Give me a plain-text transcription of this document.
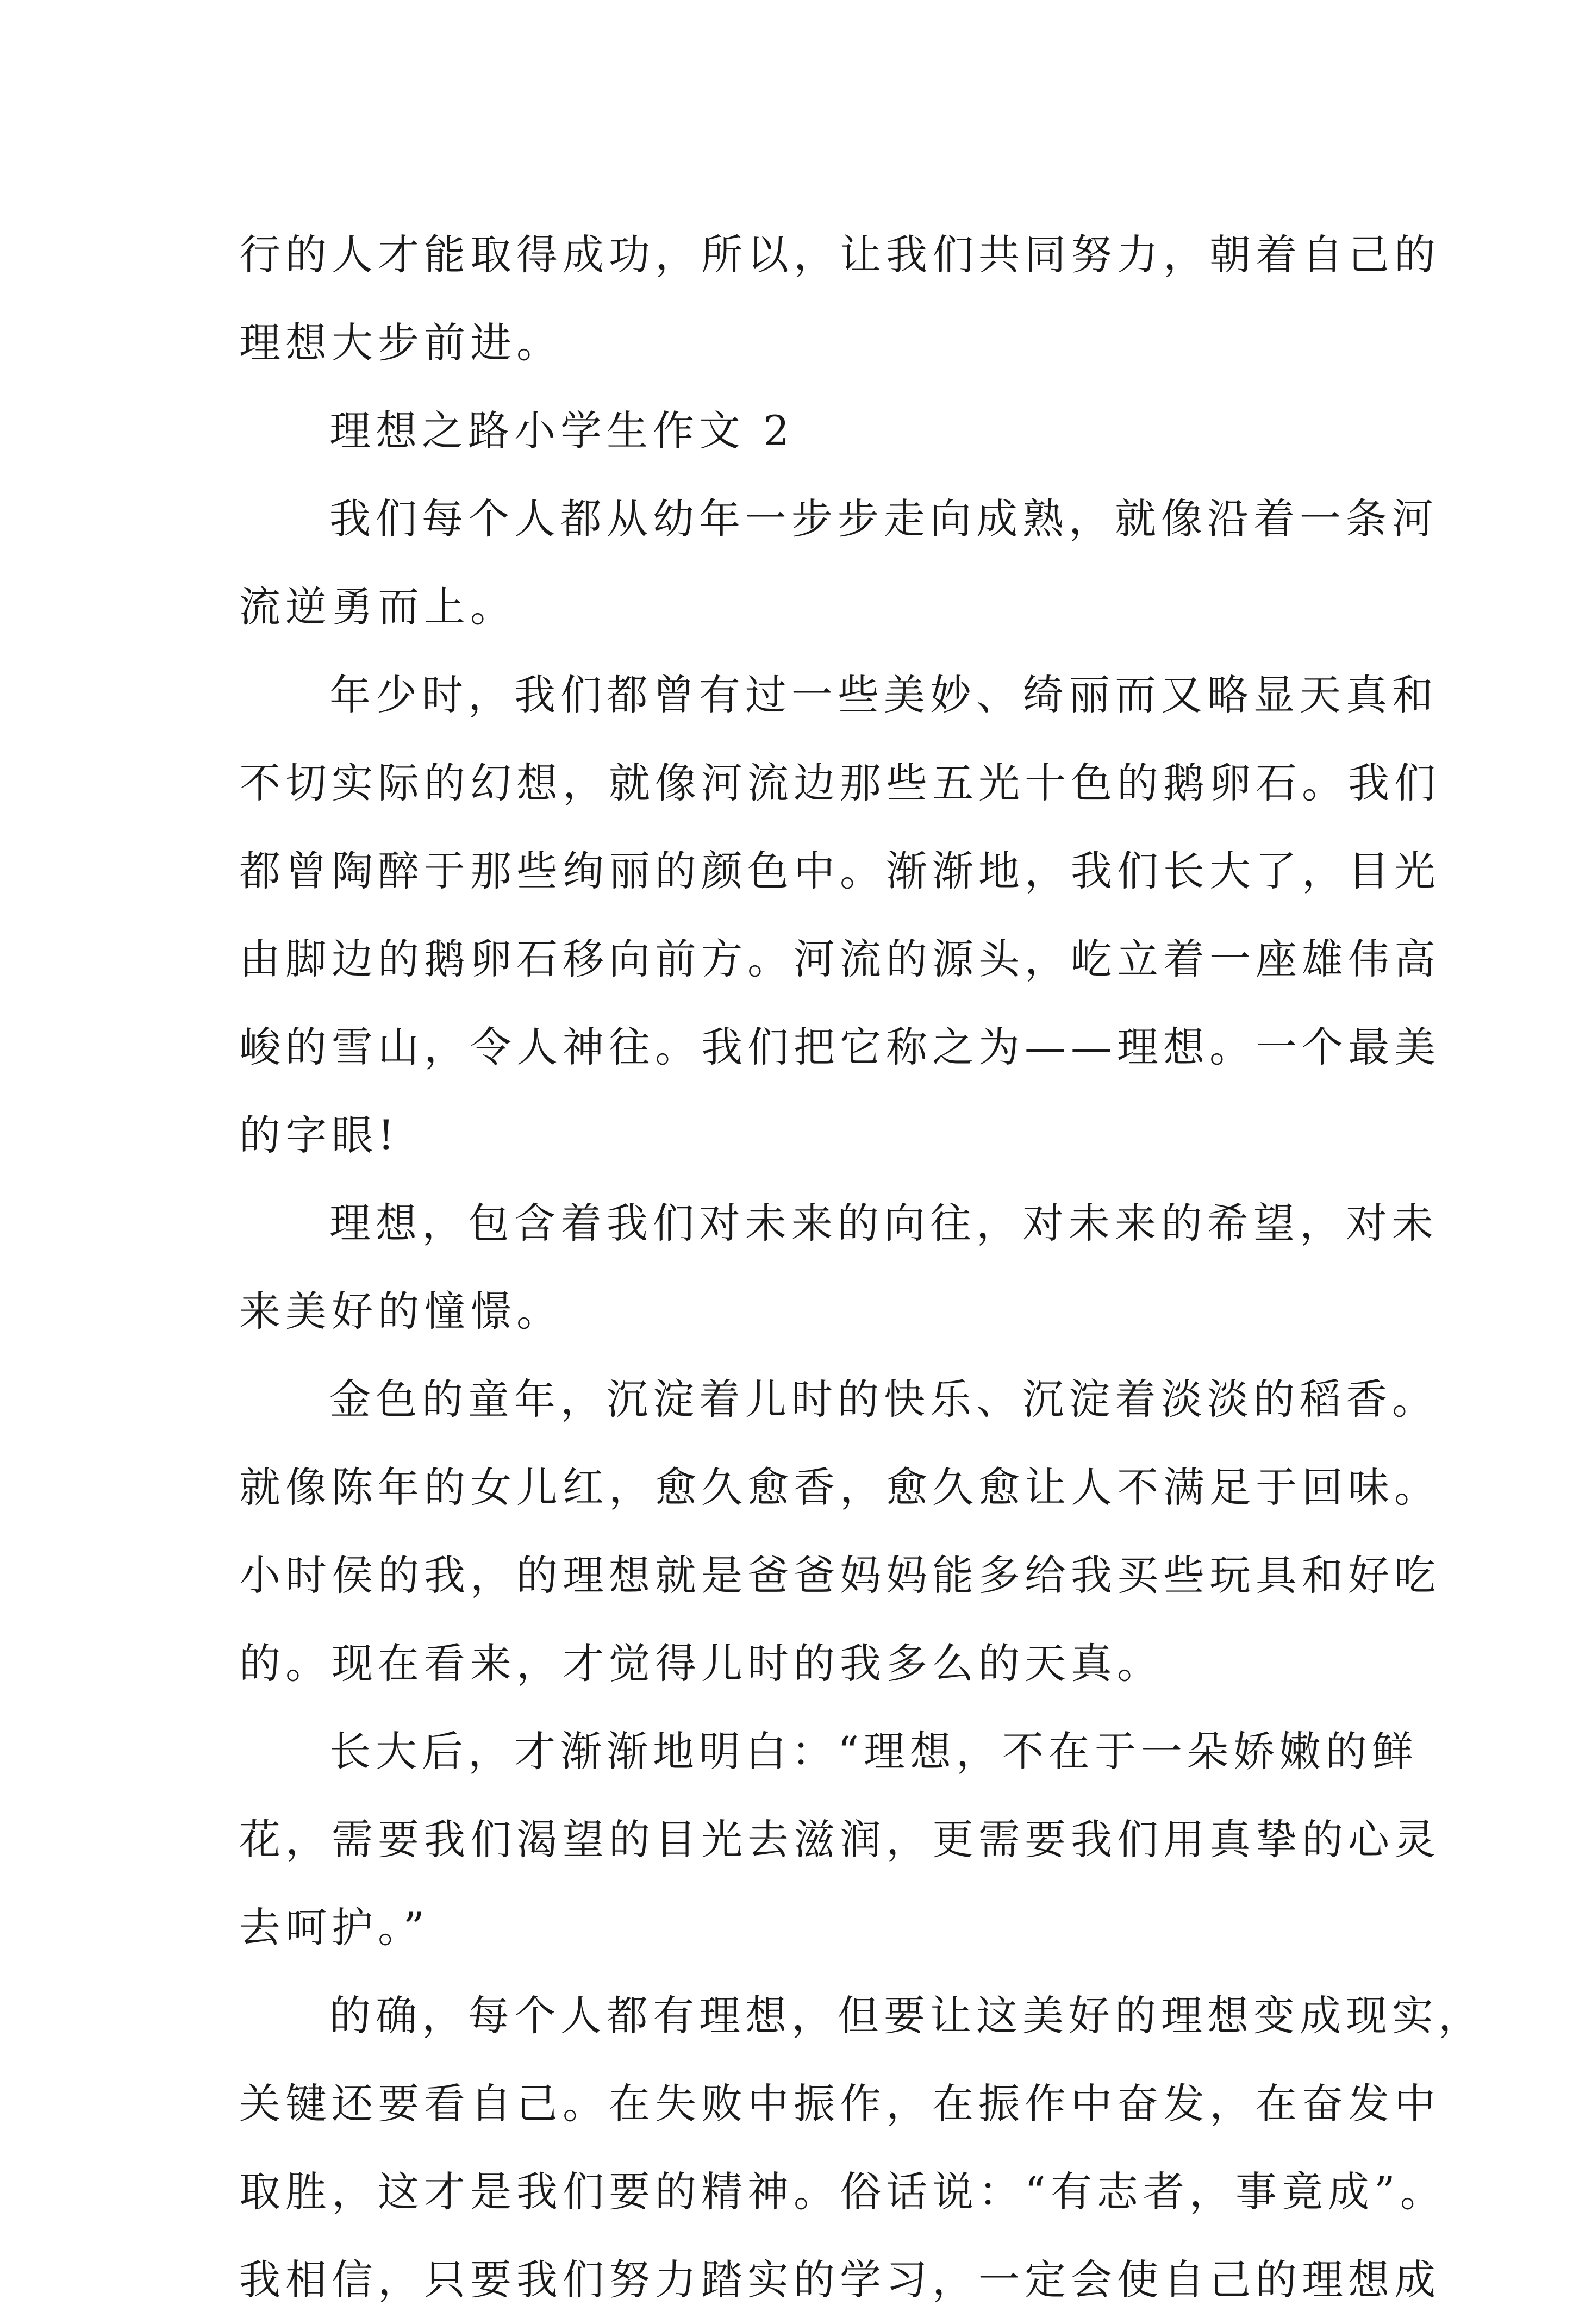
行的人才能取得成功，所以，让我们共同努力，朝着自己的
理想大步前进。
理想之路小学生作文 2
我们每个人都从幼年一步步走向成熟，就像沿着一条河
流逆勇而上。
年少时，我们都曾有过一些美妙、绮丽而又略显天真和
不切实际的幻想，就像河流边那些五光十色的鹅卵石。我们
都曾陶醉于那些绚丽的颜色中。渐渐地，我们长大了，目光
由脚边的鹅卵石移向前方。河流的源头，屹立着一座雄伟高
峻的雪山，令人神往。我们把它称之为——理想。一个最美
的字眼!
理想，包含着我们对未来的向往，对未来的希望，对未
来美好的憧憬。
金色的童年，沉淀着儿时的快乐、沉淀着淡淡的稻香。
就像陈年的女儿红，愈久愈香，愈久愈让人不满足于回味。
小时侯的我，的理想就是爸爸妈妈能多给我买些玩具和好吃
的。现在看来，才觉得儿时的我多么的天真。
长大后，才渐渐地明白：“理想，不在于一朵娇嫩的鲜
花，需要我们渴望的目光去滋润，更需要我们用真挚的心灵
去呵护。”
的确，每个人都有理想，但要让这美好的理想变成现实，
关键还要看自己。在失败中振作，在振作中奋发，在奋发中
取胜，这才是我们要的精神。俗话说：“有志者，事竟成”。
我相信，只要我们努力踏实的学习，一定会使自己的理想成
